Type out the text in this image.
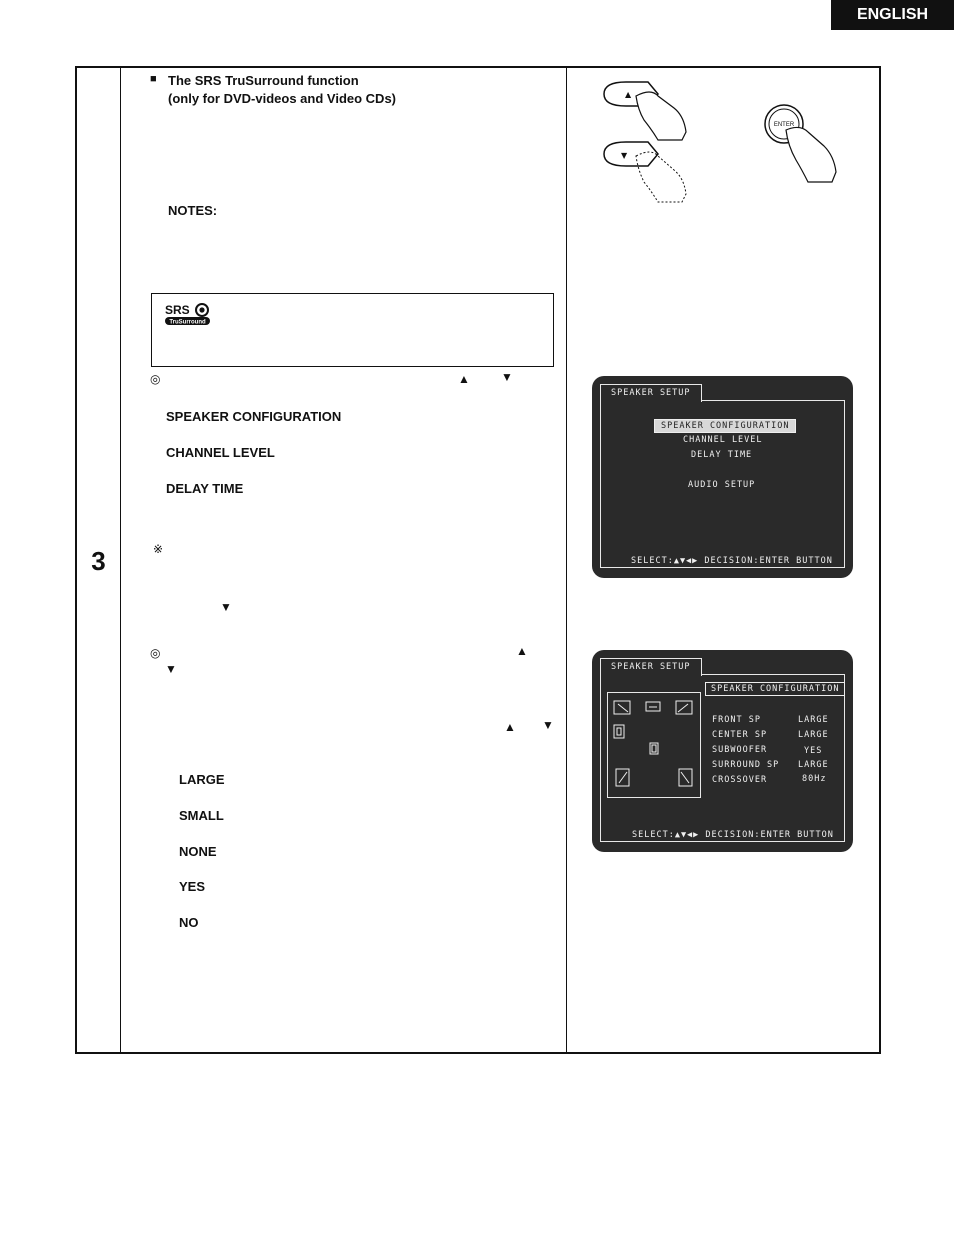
ENGLISH
3
■ The SRS TruSurround function
(only for DVD-videos and Video CDs)
NOTES:
SRS
TruSurround
◎	▲	▼
SPEAKER CONFIGURATION
CHANNEL LEVEL
DELAY TIME
※
▼
◎	▲
▼
▲ ▼
LARGE
SMALL
NONE
YES
NO
▲
▼
ENTER
SPEAKER SETUP
SPEAKER CONFIGURATION
CHANNEL LEVEL
DELAY TIME
AUDIO SETUP
SELECT:▲▼◀▶ DECISION:ENTER BUTTON
SPEAKER SETUP
SPEAKER CONFIGURATION
FRONT SP	LARGE
CENTER SP	LARGE
SUBWOOFER	YES
SURROUND SP LARGE
CROSSOVER	80Hz
SELECT:▲▼◀▶ DECISION:ENTER BUTTON
